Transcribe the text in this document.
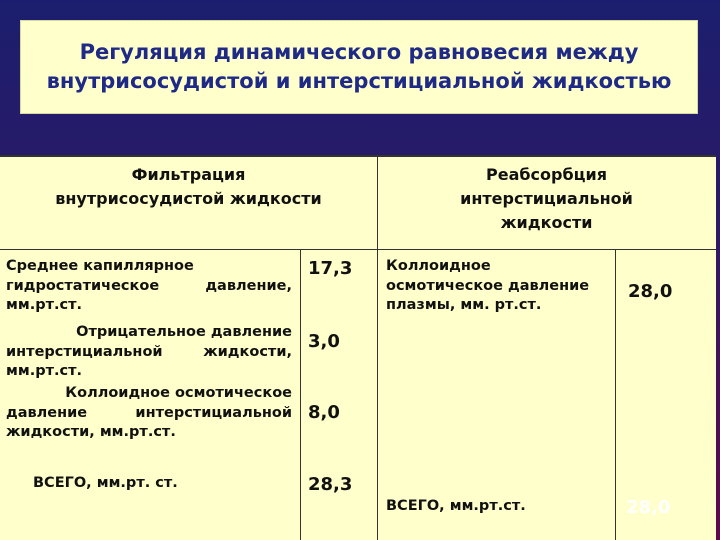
Регуляция динамического равновесия между
внутрисосудистой и интерстициальной жидкостью
Фильтрация
внутрисосудистой жидкости
Реабсорбция
интерстициальной
жидкости
Среднее капиллярное
гидростатическое давление, мм.рт.ст.
17,3
Отрицательное давление
интерстициальной жидкости, мм.рт.ст.
3,0
Коллоидное осмотическое
давление интерстициальной жидкости, мм.рт.ст.
8,0
ВСЕГО, мм.рт. ст.	28,3
Коллоидное осмотическое давление плазмы, мм. рт.ст.
28,0
ВСЕГО, мм.рт.ст.	28,0
